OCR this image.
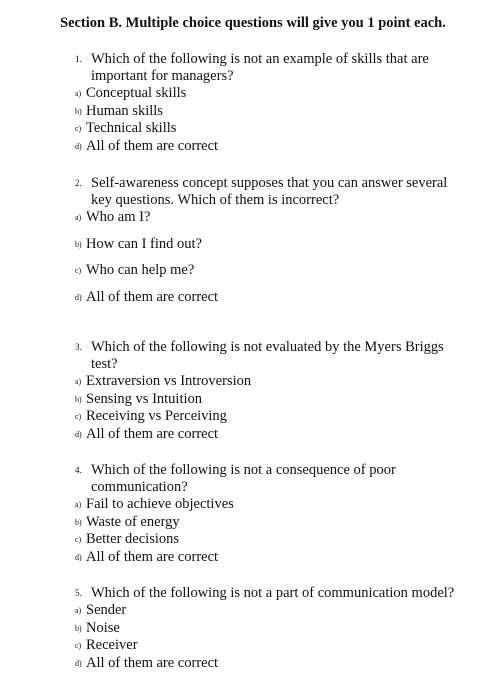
Section B. Multiple choice questions will give you 1 point each.
1. Which of the following is not an example of skills that are important for managers?
a) Conceptual skills
b) Human skills
c) Technical skills
d) All of them are correct
2. Self-awareness concept supposes that you can answer several key questions. Which of them is incorrect?
a) Who am I?
b) How can I find out?
c) Who can help me?
d) All of them are correct
3. Which of the following is not evaluated by the Myers Briggs test?
a) Extraversion vs Introversion
b) Sensing vs Intuition
c) Receiving vs Perceiving
d) All of them are correct
4. Which of the following is not a consequence of poor communication?
a) Fail to achieve objectives
b) Waste of energy
c) Better decisions
d) All of them are correct
5. Which of the following is not a part of communication model?
a) Sender
b) Noise
c) Receiver
d) All of them are correct
